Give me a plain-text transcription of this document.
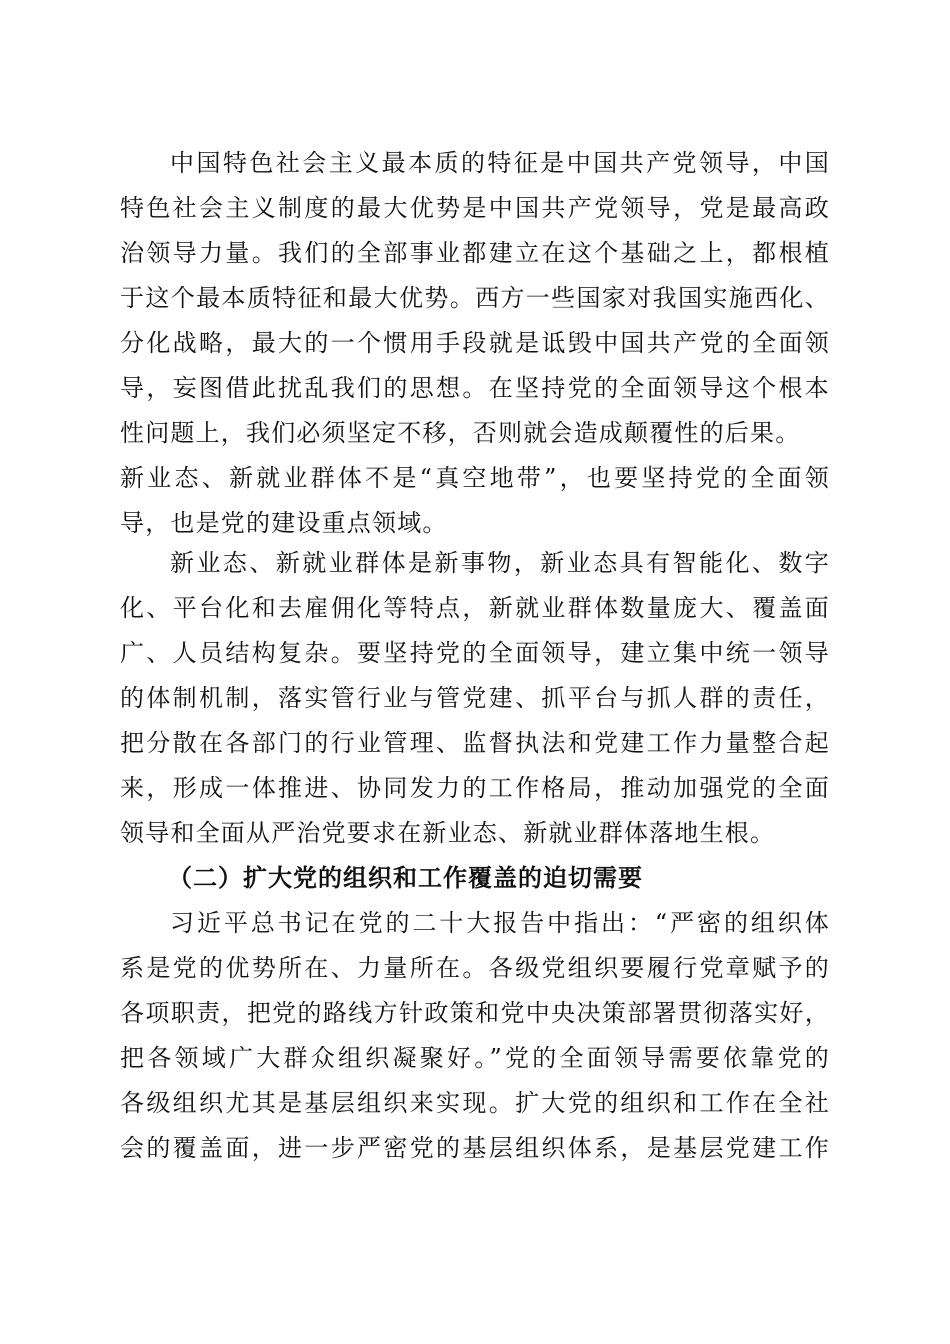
中国特色社会主义最本质的特征是中国共产党领导，中国
特色社会主义制度的最大优势是中国共产党领导，党是最高政
治领导力量。我们的全部事业都建立在这个基础之上，都根植
于这个最本质特征和最大优势。西方一些国家对我国实施西化、
分化战略，最大的一个惯用手段就是诋毁中国共产党的全面领
导，妄图借此扰乱我们的思想。在坚持党的全面领导这个根本
性问题上，我们必须坚定不移，否则就会造成颠覆性的后果。
新业态、新就业群体不是“真空地带”，也要坚持党的全面领
导，也是党的建设重点领域。
新业态、新就业群体是新事物，新业态具有智能化、数字
化、平台化和去雇佣化等特点，新就业群体数量庞大、覆盖面
广、人员结构复杂。要坚持党的全面领导，建立集中统一领导
的体制机制，落实管行业与管党建、抓平台与抓人群的责任，
把分散在各部门的行业管理、监督执法和党建工作力量整合起
来，形成一体推进、协同发力的工作格局，推动加强党的全面
领导和全面从严治党要求在新业态、新就业群体落地生根。
（二）扩大党的组织和工作覆盖的迫切需要
习近平总书记在党的二十大报告中指出：“严密的组织体
系是党的优势所在、力量所在。各级党组织要履行党章赋予的
各项职责，把党的路线方针政策和党中央决策部署贯彻落实好，
把各领域广大群众组织凝聚好。”党的全面领导需要依靠党的
各级组织尤其是基层组织来实现。扩大党的组织和工作在全社
会的覆盖面，进一步严密党的基层组织体系，是基层党建工作
